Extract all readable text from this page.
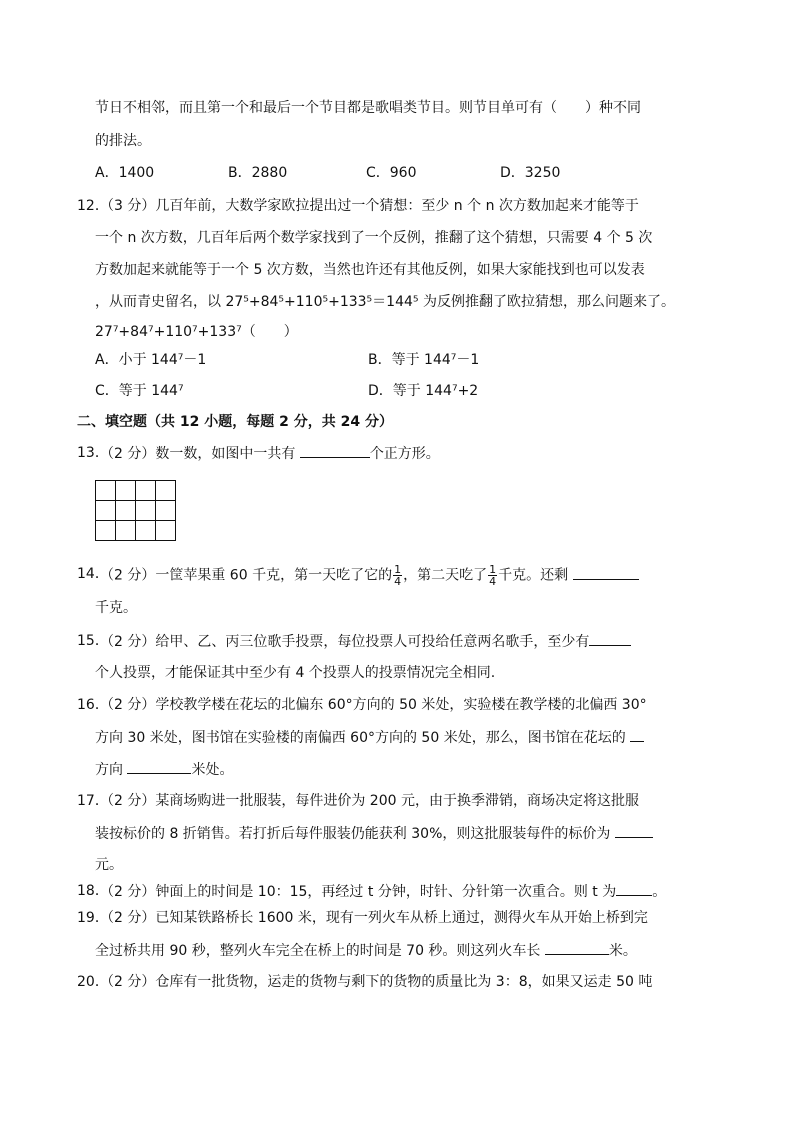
节日不相邻，而且第一个和最后一个节目都是歌唱类节目。则节目单可有（　　）种不同
的排法。
A．1400	B．2880	C．960	D．3250
12．
（3 分）几百年前，大数学家欧拉提出过一个猜想：至少 n 个 n 次方数加起来才能等于
一个 n 次方数，几百年后两个数学家找到了一个反例，推翻了这个猜想，只需要 4 个 5 次
方数加起来就能等于一个 5 次方数，当然也许还有其他反例，如果大家能找到也可以发表
，从而青史留名，以 27⁵+84⁵+110⁵+133⁵＝144⁵ 为反例推翻了欧拉猜想，那么问题来了。
27⁷+84⁷+110⁷+133⁷（　　）
A．小于 144⁷－1	B．等于 144⁷－1
C．等于 144⁷	D．等于 144⁷+2
二、填空题（共 12 小题，每题 2 分，共 24 分）
13．
（2 分）数一数，如图中一共有	个正方形。
14．
（2 分）一筐苹果重 60 千克，第一天吃了它的 $\frac{1}{4}$ ，第二天吃了 $\frac{1}{4}$ 千克。还剩
千克。
15．
（2 分）给甲、乙、丙三位歌手投票，每位投票人可投给任意两名歌手，至少有
个人投票，才能保证其中至少有 4 个投票人的投票情况完全相同.
16．
（2 分）学校教学楼在花坛的北偏东 60°方向的 50 米处，实验楼在教学楼的北偏西 30°
方向 30 米处，图书馆在实验楼的南偏西 60°方向的 50 米处，那么，图书馆在花坛的
方向	米处。
17．
（2 分）某商场购进一批服装，每件进价为 200 元，由于换季滞销，商场决定将这批服
装按标价的 8 折销售。若打折后每件服装仍能获利 30%，则这批服装每件的标价为
元。
18．
（2 分）钟面上的时间是 10：15，再经过 t 分钟，时针、分针第一次重合。则 t 为	。
19．
（2 分）已知某铁路桥长 1600 米，现有一列火车从桥上通过，测得火车从开始上桥到完
全过桥共用 90 秒，整列火车完全在桥上的时间是 70 秒。则这列火车长	米。
20．
（2 分）仓库有一批货物，运走的货物与剩下的货物的质量比为 3：8，如果又运走 50 吨
